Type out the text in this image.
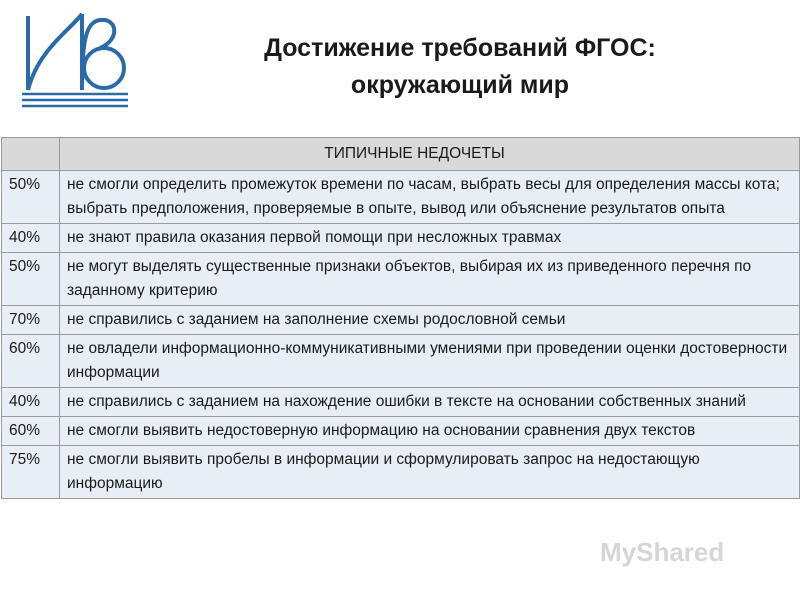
Достижение требований ФГОС:
окружающий мир
	ТИПИЧНЫЕ НЕДОЧЕТЫ
50%	не смогли определить промежуток времени по часам, выбрать весы для определения массы кота; выбрать предположения, проверяемые в опыте, вывод или объяснение результатов опыта
40%	не знают правила оказания первой помощи при несложных травмах
50%	не могут выделять существенные признаки объектов, выбирая их из приведенного перечня по заданному критерию
70%	не справились с заданием на заполнение схемы родословной семьи
60%	не овладели информационно-коммуникативными умениями при проведении оценки достоверности информации
40%	не справились с заданием на нахождение ошибки в тексте на основании собственных знаний
60%	не смогли выявить недостоверную информацию на основании сравнения двух текстов
75%	не смогли выявить пробелы в информации и сформулировать запрос на недостающую информацию
MyShared
